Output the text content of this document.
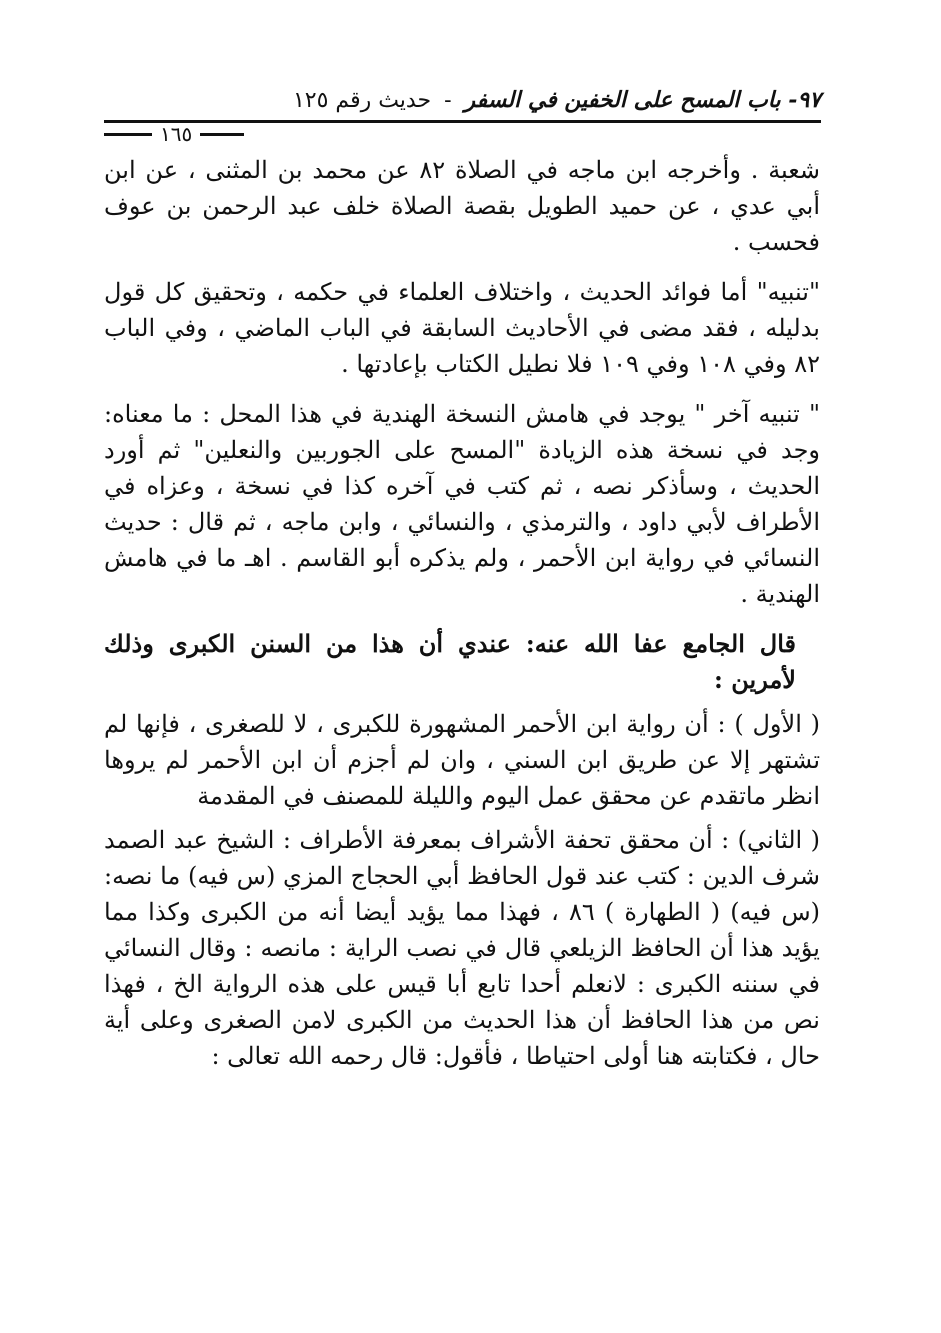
٩٧- باب المسح على الخفين في السفر - حديث رقم ١٢٥
١٦٥

شعبة . وأخرجه ابن ماجه في الصلاة ٨٢ عن محمد بن المثنى ، عن ابن أبي عدي ، عن حميد الطويل بقصة الصلاة خلف عبد الرحمن بن عوف فحسب .

"تنبيه" أما فوائد الحديث ، واختلاف العلماء في حكمه ، وتحقيق كل قول بدليله ، فقد مضى في الأحاديث السابقة في الباب الماضي ، وفي الباب ٨٢ وفي ١٠٨ وفي ١٠٩ فلا نطيل الكتاب بإعادتها .

" تنبيه آخر " يوجد في هامش النسخة الهندية في هذا المحل : ما معناه: وجد في نسخة هذه الزيادة "المسح على الجوربين والنعلين" ثم أورد الحديث ، وسأذكر نصه ، ثم كتب في آخره كذا في نسخة ، وعزاه في الأطراف لأبي داود ، والترمذي ، والنسائي ، وابن ماجه ، ثم قال : حديث النسائي في رواية ابن الأحمر ، ولم يذكره أبو القاسم . اهـ ما في هامش الهندية .

قال الجامع عفا الله عنه: عندي أن هذا من السنن الكبرى وذلك لأمرين :

( الأول ) : أن رواية ابن الأحمر المشهورة للكبرى ، لا للصغرى ، فإنها لم تشتهر إلا عن طريق ابن السني ، وان لم أجزم أن ابن الأحمر لم يروها انظر ماتقدم عن محقق عمل اليوم والليلة للمصنف في المقدمة

( الثاني) : أن محقق تحفة الأشراف بمعرفة الأطراف : الشيخ عبد الصمد شرف الدين : كتب عند قول الحافظ أبي الحجاج المزي (س فيه) ما نصه: (س فيه) ( الطهارة ) ٨٦ ، فهذا مما يؤيد أيضا أنه من الكبرى وكذا مما يؤيد هذا أن الحافظ الزيلعي قال في نصب الراية : مانصه : وقال النسائي في سننه الكبرى : لانعلم أحدا تابع أبا قيس على هذه الرواية الخ ، فهذا نص من هذا الحافظ أن هذا الحديث من الكبرى لامن الصغرى وعلى أية حال ، فكتابته هنا أولى احتياطا ، فأقول: قال رحمه الله تعالى :
